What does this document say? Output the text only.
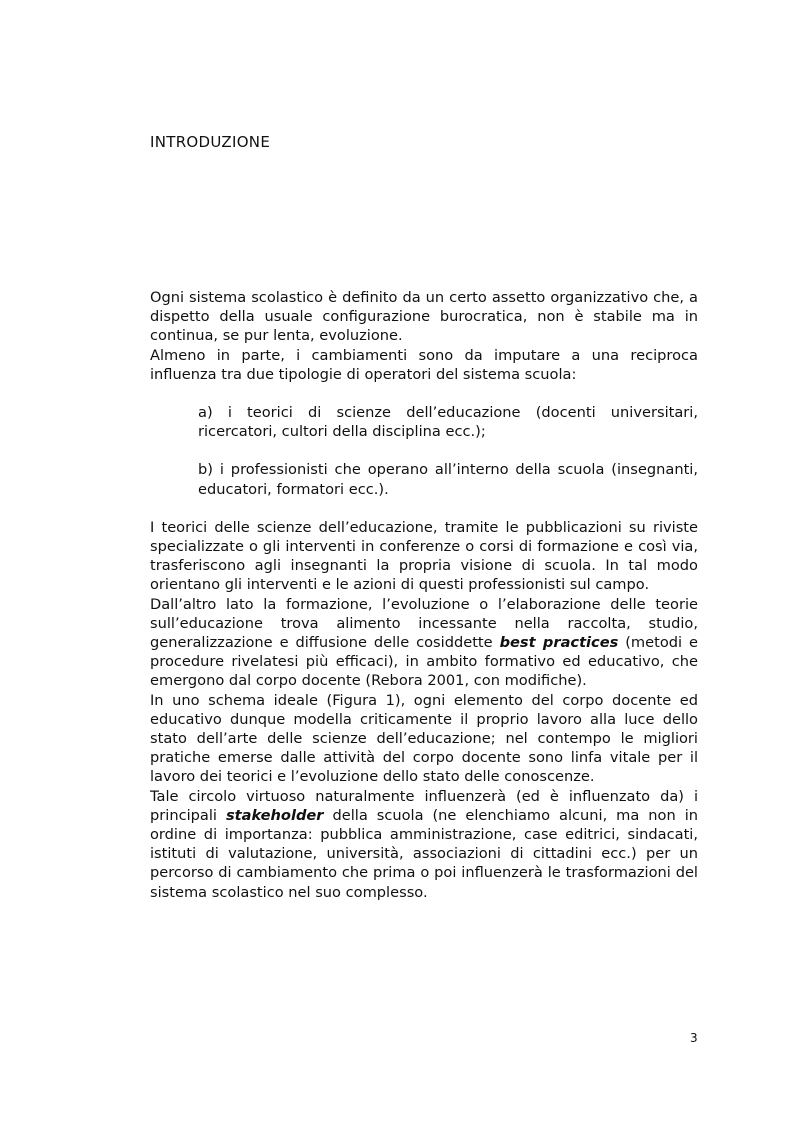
INTRODUZIONE

Ogni sistema scolastico è definito da un certo assetto organizzativo che, a dispetto della usuale configurazione burocratica, non è stabile ma in continua, se pur lenta, evoluzione.

Almeno in parte, i cambiamenti sono da imputare a una reciproca influenza tra due tipologie di operatori del sistema scuola:

a) i teorici di scienze dell’educazione (docenti universitari, ricercatori, cultori della disciplina ecc.);

b) i professionisti che operano all’interno della scuola (insegnanti, educatori, formatori ecc.).

I teorici delle scienze dell’educazione, tramite le pubblicazioni su riviste specializzate o gli interventi in conferenze o corsi di formazione e così via, trasferiscono agli insegnanti la propria visione di scuola. In tal modo orientano gli interventi e le azioni di questi professionisti sul campo.

Dall’altro lato la formazione, l’evoluzione o l’elaborazione delle teorie sull’educazione trova alimento incessante nella raccolta, studio, generalizzazione e diffusione delle cosiddette best practices (metodi e procedure rivelatesi più efficaci), in ambito formativo ed educativo, che emergono dal corpo docente (Rebora 2001, con modifiche).

In uno schema ideale (Figura 1), ogni elemento del corpo docente ed educativo dunque modella criticamente il proprio lavoro alla luce dello stato dell’arte delle scienze dell’educazione; nel contempo le migliori pratiche emerse dalle attività del corpo docente sono linfa vitale per il lavoro dei teorici e l’evoluzione dello stato delle conoscenze.

Tale circolo virtuoso naturalmente influenzerà (ed è influenzato da) i principali stakeholder della scuola (ne elenchiamo alcuni, ma non in ordine di importanza: pubblica amministrazione, case editrici, sindacati, istituti di valutazione, università, associazioni di cittadini ecc.) per un percorso di cambiamento che prima o poi influenzerà le trasformazioni del sistema scolastico nel suo complesso.

3
